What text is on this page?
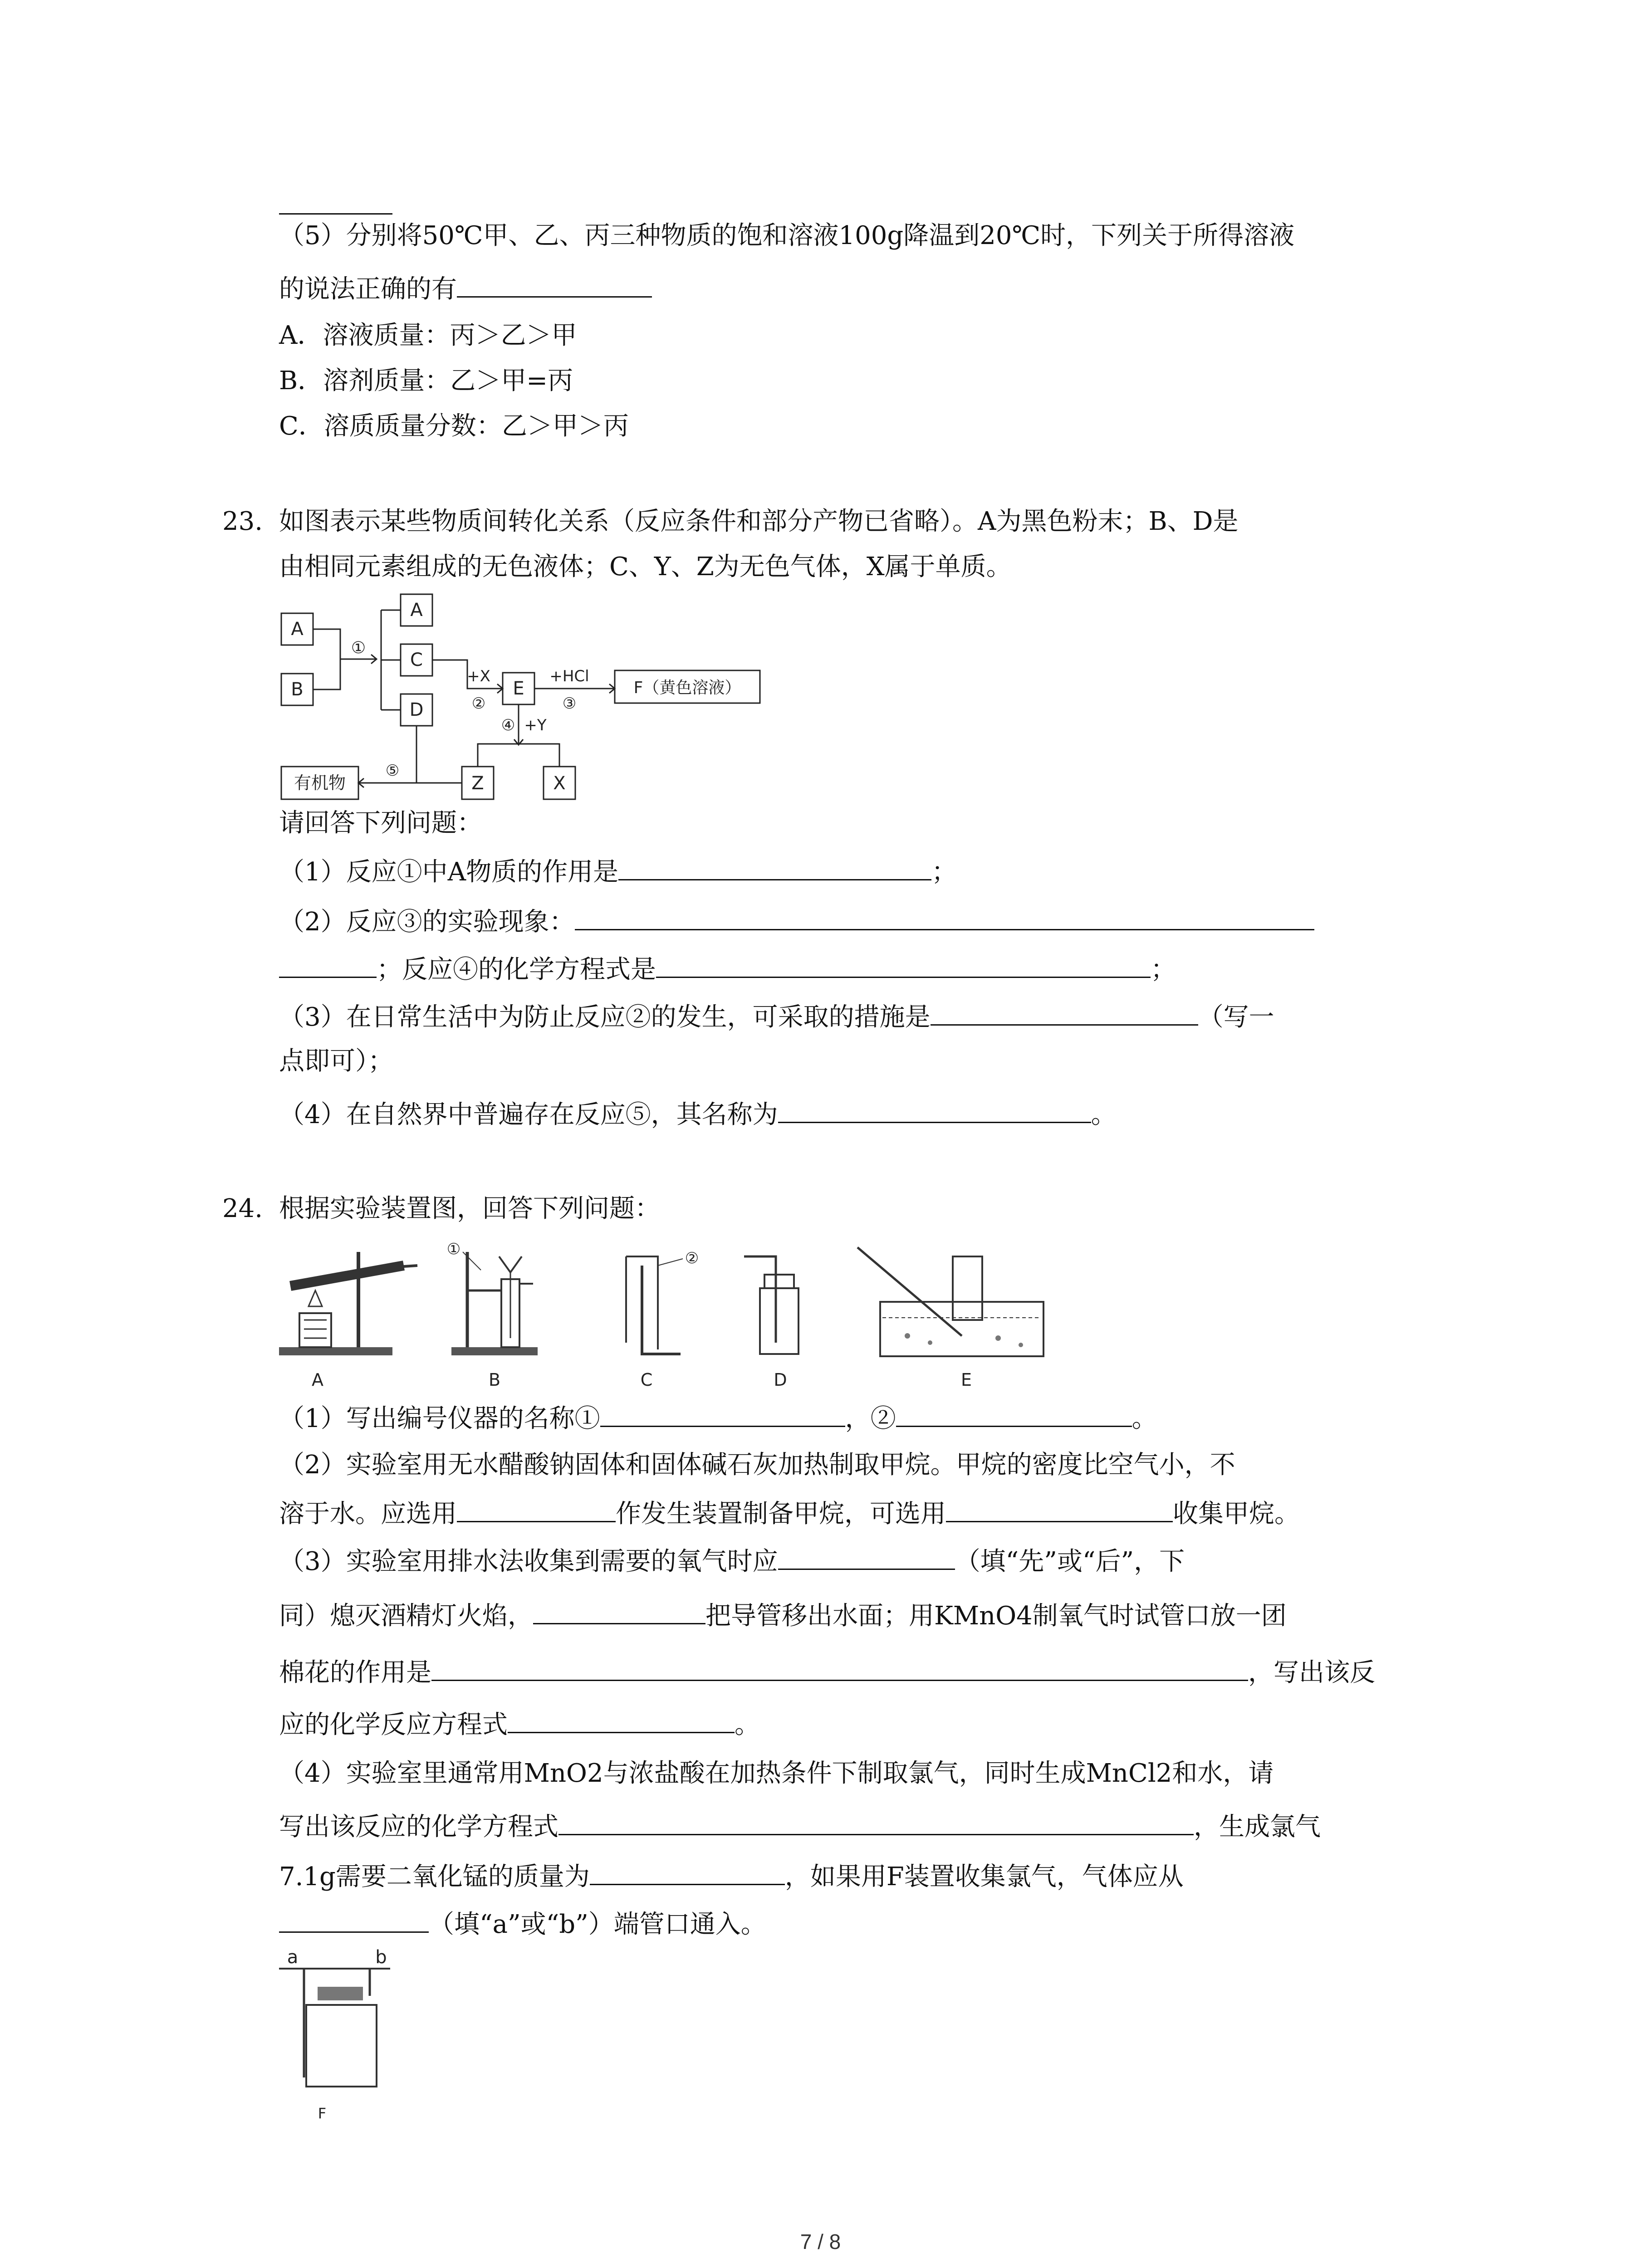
（5）分别将50℃甲、乙、丙三种物质的饱和溶液100g降温到20℃时，下列关于所得溶液
的说法正确的有
A．溶液质量：丙＞乙＞甲
B．溶剂质量：乙＞甲=丙
C．溶质质量分数：乙＞甲＞丙
23. 如图表示某些物质间转化关系（反应条件和部分产物已省略）。A为黑色粉末；B、D是
由相同元素组成的无色液体；C、Y、Z为无色气体，X属于单质。
A
B
A
C
D
E	F（黄色溶液）
有机物	Z	X
①
+X
②
+HCl
③
④ +Y
⑤
请回答下列问题：
（1）反应①中A物质的作用是	；
（2）反应③的实验现象：
；反应④的化学方程式是	；
（3）在日常生活中为防止反应②的发生，可采取的措施是	（写一
点即可）；
（4）在自然界中普遍存在反应⑤，其名称为	。
24. 根据实验装置图，回答下列问题：
A
①
B
②
C	D	E
（1）写出编号仪器的名称①	，②	。
（2）实验室用无水醋酸钠固体和固体碱石灰加热制取甲烷。甲烷的密度比空气小，不
溶于水。应选用	作发生装置制备甲烷，可选用	收集甲烷。
（3）实验室用排水法收集到需要的氧气时应	（填“先”或“后”，下
同）熄灭酒精灯火焰，	把导管移出水面；用KMnO4制氧气时试管口放一团
棉花的作用是	，写出该反
应的化学反应方程式	。
（4）实验室里通常用MnO2与浓盐酸在加热条件下制取氯气，同时生成MnCl2和水，请
写出该反应的化学方程式	，生成氯气
7.1g需要二氧化锰的质量为	，如果用F装置收集氯气，气体应从
（填“a”或“b”）端管口通入。
a	b
F
7 / 8
